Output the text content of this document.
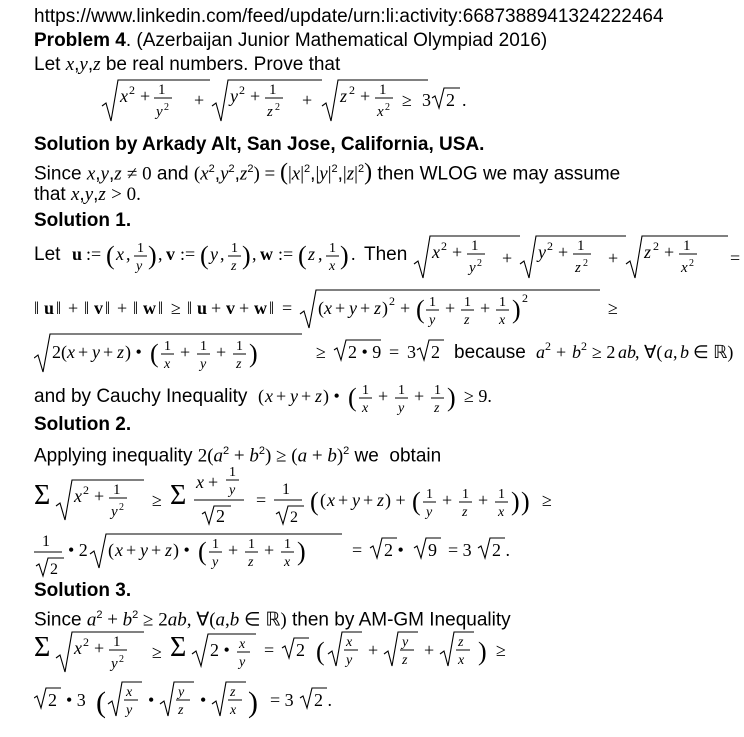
https://www.linkedin.com/feed/update/urn:li:activity:6687388941324222464
Problem 4. (Azerbaijan Junior Mathematical Olympiad 2016)
Let x,y,z be real numbers. Prove that
x 2 + 1
y 2 + y 2 + 1
z 2 + z 2 + 1
x 2 ≥ 3 2 .
Solution by Arkady Alt, San Jose, California, USA.
Since x,y,z ≠ 0 and $(x^2,y^2,z^2) = (|x|^2,|y|^2,|z|^2)$ then WLOG we may assume
that x,y,z > 0.
Solution 1.
Let u := ( x , 1
y ) , v := ( y , 1
z ) , w := ( z , 1
x ) . Then x 2 + 1
y 2 + y 2 + 1
z 2 + z 2 + 1
x 2 =
‖ u ‖ + ‖ v ‖ + ‖ w ‖ ≥ ‖ u + v + w ‖ = ( x + y + z ) 2 + ( 1
y
+ 1
z
+ 1
x ) 2	≥
2( x + y + z ) • ( 1
x
+ 1
y
+ 1
z )	≥ 2 • 9 = 3 2 because a 2 + b 2 ≥ 2 ab , ∀( a , b ∈ ℝ)
and by Cauchy Inequality ( x + y + z ) • ( 1
x
+ 1
y
+ 1
z ) ≥ 9.
Solution 2.
Applying inequality $2(a^2 + b^2) \ge (a + b)^2$ we  obtain
Σ x 2 + 1
y 2 ≥ Σ x + 1
y
2
=
1
2
( ( x + y + z ) + ( 1
y
+ 1
z
+ 1
x ) ) ≥
1
2
• 2 ( x + y + z ) • ( 1
y
+ 1
z
+ 1
x )	= 2 • 9 = 3 2 .
Solution 3.
Since $a^2 + b^2 \ge 2ab$, ∀(a,b ∈ ℝ) then by AM-GM Inequality
Σ x 2 + 1
y 2 ≥ Σ 2 • x
y
= 2 ( x
y
+ y
z
+ z
x ) ≥
2 • 3 ( x
y
• y
z
• z
x ) = 3 2 .
